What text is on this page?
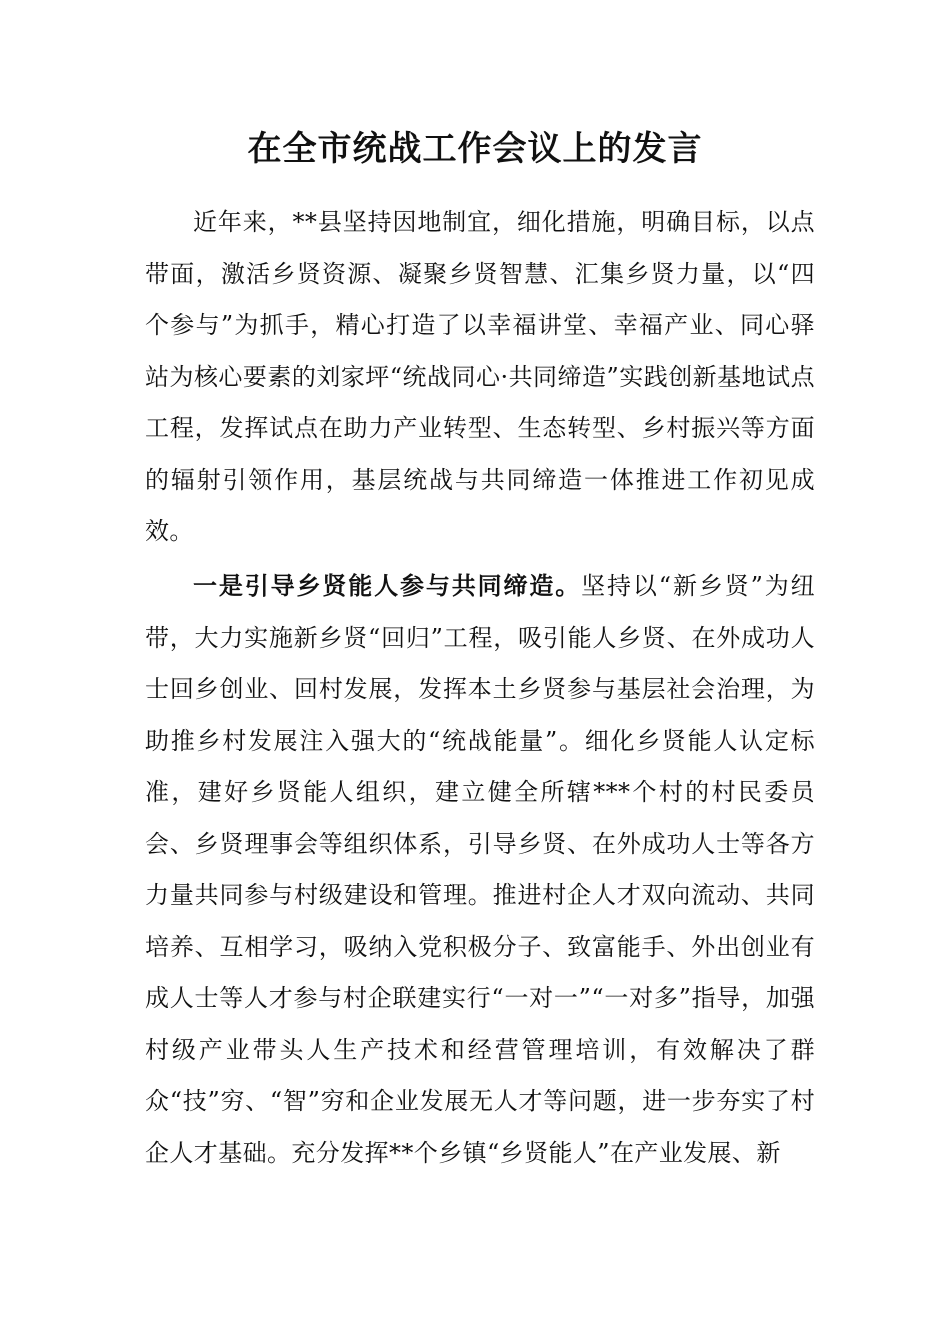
在全市统战工作会议上的发言

近年来，**县坚持因地制宜，细化措施，明确目标，以点带面，激活乡贤资源、凝聚乡贤智慧、汇集乡贤力量，以“四个参与”为抓手，精心打造了以幸福讲堂、幸福产业、同心驿站为核心要素的刘家坪“统战同心·共同缔造”实践创新基地试点工程，发挥试点在助力产业转型、生态转型、乡村振兴等方面的辐射引领作用，基层统战与共同缔造一体推进工作初见成效。

一是引导乡贤能人参与共同缔造。坚持以“新乡贤”为纽带，大力实施新乡贤“回归”工程，吸引能人乡贤、在外成功人士回乡创业、回村发展，发挥本土乡贤参与基层社会治理，为助推乡村发展注入强大的“统战能量”。细化乡贤能人认定标准，建好乡贤能人组织，建立健全所辖***个村的村民委员会、乡贤理事会等组织体系，引导乡贤、在外成功人士等各方力量共同参与村级建设和管理。推进村企人才双向流动、共同培养、互相学习，吸纳入党积极分子、致富能手、外出创业有成人士等人才参与村企联建实行“一对一”“一对多”指导，加强村级产业带头人生产技术和经营管理培训，有效解决了群众“技”穷、“智”穷和企业发展无人才等问题，进一步夯实了村企人才基础。充分发挥**个乡镇“乡贤能人”在产业发展、新
